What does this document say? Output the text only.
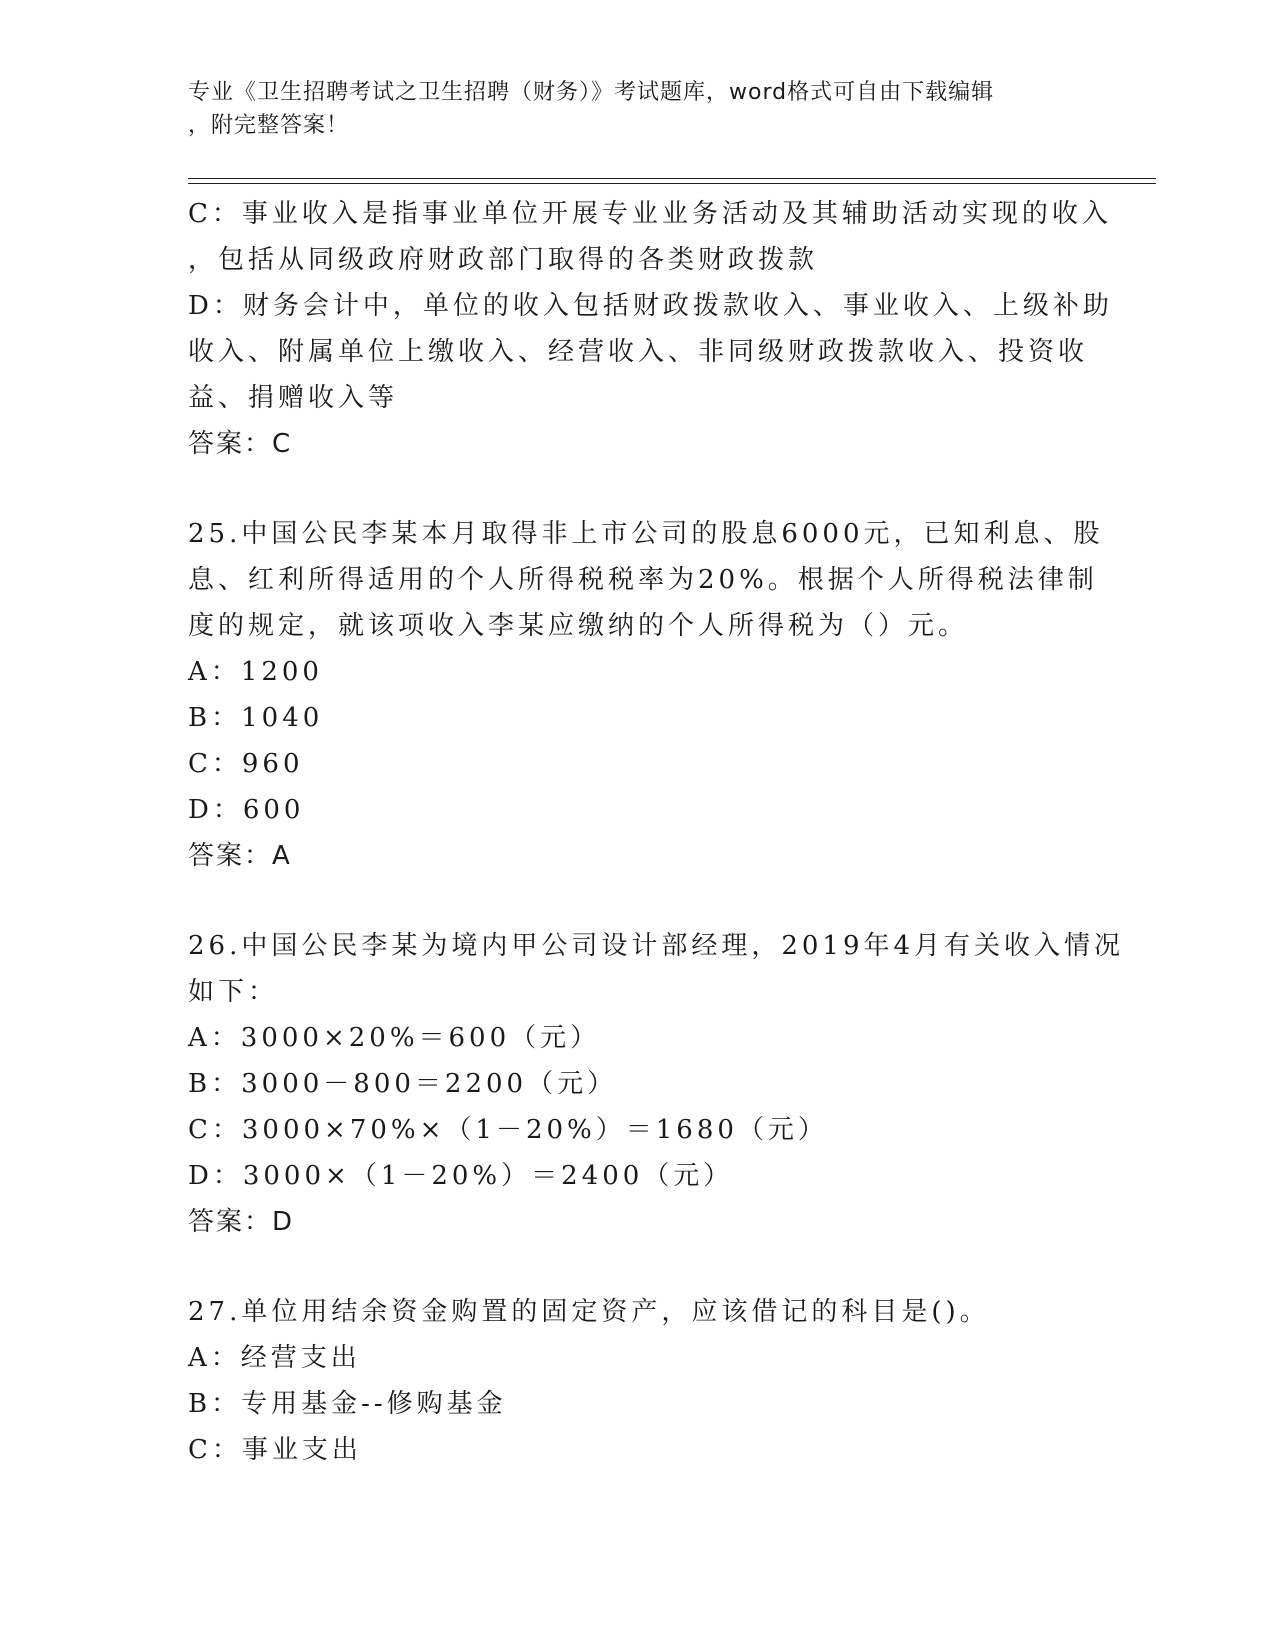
专业《卫生招聘考试之卫生招聘（财务）》考试题库，word格式可自由下载编辑
，附完整答案！
C：事业收入是指事业单位开展专业业务活动及其辅助活动实现的收入
，包括从同级政府财政部门取得的各类财政拨款
D：财务会计中，单位的收入包括财政拨款收入、事业收入、上级补助
收入、附属单位上缴收入、经营收入、非同级财政拨款收入、投资收
益、捐赠收入等
答案：C
25.中国公民李某本月取得非上市公司的股息6000元，已知利息、股
息、红利所得适用的个人所得税税率为20%。根据个人所得税法律制
度的规定，就该项收入李某应缴纳的个人所得税为（）元。
A：1200
B：1040
C：960
D：600
答案：A
26.中国公民李某为境内甲公司设计部经理，2019年4月有关收入情况
如下：
A：3000×20%＝600（元）
B：3000－800＝2200（元）
C：3000×70%×（1－20%）＝1680（元）
D：3000×（1－20%）＝2400（元）
答案：D
27.单位用结余资金购置的固定资产，应该借记的科目是()。
A：经营支出
B：专用基金--修购基金
C：事业支出
